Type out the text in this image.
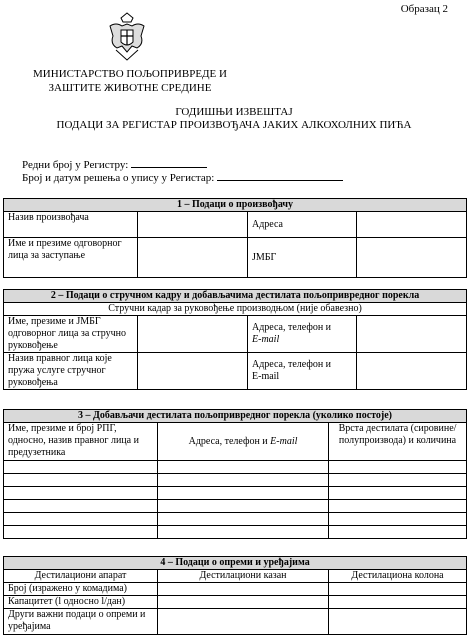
Образац 2
МИНИСТАРСТВО ПОЉОПРИВРЕДЕ И
ЗАШТИТЕ ЖИВОТНЕ СРЕДИНЕ
ГОДИШЊИ ИЗВЕШТАЈ
ПОДАЦИ ЗА РЕГИСТАР ПРОИЗВОЂАЧА ЈАКИХ АЛКОХОЛНИХ ПИЋА
Редни број у Регистру:
Број и датум решења о упису у Регистар:
1 – Подаци о произвођачу			
Назив произвођача		Адреса	
Име и презиме одговорног лица за заступање		ЈМБГ	
2 – Подаци о стручном кадру и добављачима дестилата пољопривредног порекла			
Стручни кадар за руковођење производњом (није обавезно)			
Име, презиме и ЈМБГ одговорног лица за стручно руковођење		Адреса, телефон и
E-mail	
Назив правног лица које пружа услуге стручног руковођења		Адреса, телефон и
E-mail	
3 – Добављачи дестилата пољопривредног порекла (уколико постоје)		
Име, презиме и број РПГ, односно, назив правног лица и предузетника	Адреса, телефон и E-mail	Врста дестилата (сировине/полупроизвода) и количина

4 – Подаци о опреми и уређајима		
Дестилациони апарат	Дестилациони казан	Дестилациона колона
Број (изражено у комадима)		
Капацитет (l односно l/дан)		
Други важни подаци о опреми и уређајима		
